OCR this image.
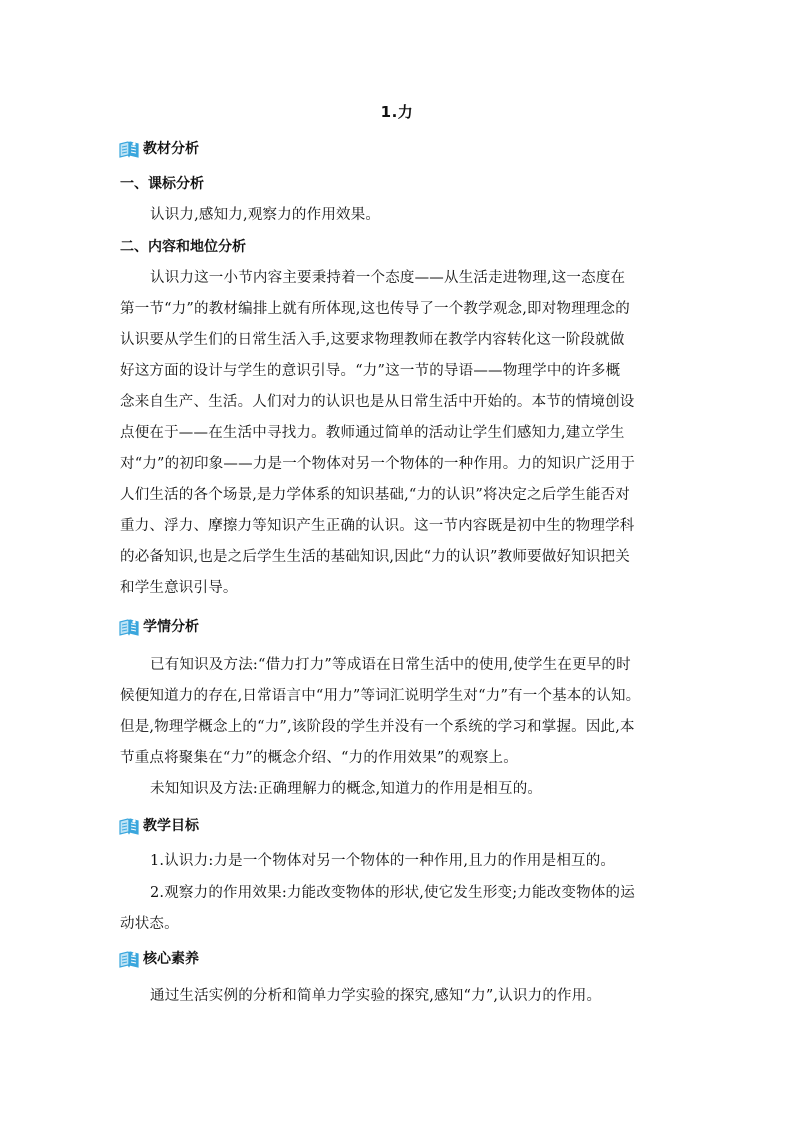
1.力
教材分析
一、课标分析
认识力,感知力,观察力的作用效果。
二、内容和地位分析
认识力这一小节内容主要秉持着一个态度——从生活走进物理,这一态度在
第一节“力”的教材编排上就有所体现,这也传导了一个教学观念,即对物理理念的
认识要从学生们的日常生活入手,这要求物理教师在教学内容转化这一阶段就做
好这方面的设计与学生的意识引导。“力”这一节的导语——物理学中的许多概
念来自生产、生活。人们对力的认识也是从日常生活中开始的。本节的情境创设
点便在于——在生活中寻找力。教师通过简单的活动让学生们感知力,建立学生
对“力”的初印象——力是一个物体对另一个物体的一种作用。力的知识广泛用于
人们生活的各个场景,是力学体系的知识基础,“力的认识”将决定之后学生能否对
重力、浮力、摩擦力等知识产生正确的认识。这一节内容既是初中生的物理学科
的必备知识,也是之后学生生活的基础知识,因此“力的认识”教师要做好知识把关
和学生意识引导。
学情分析
已有知识及方法:“借力打力”等成语在日常生活中的使用,使学生在更早的时
候便知道力的存在,日常语言中“用力”等词汇说明学生对“力”有一个基本的认知。
但是,物理学概念上的“力”,该阶段的学生并没有一个系统的学习和掌握。因此,本
节重点将聚集在“力”的概念介绍、“力的作用效果”的观察上。
未知知识及方法:正确理解力的概念,知道力的作用是相互的。
教学目标
1.认识力:力是一个物体对另一个物体的一种作用,且力的作用是相互的。
2.观察力的作用效果:力能改变物体的形状,使它发生形变;力能改变物体的运
动状态。
核心素养
通过生活实例的分析和简单力学实验的探究,感知“力”,认识力的作用。
